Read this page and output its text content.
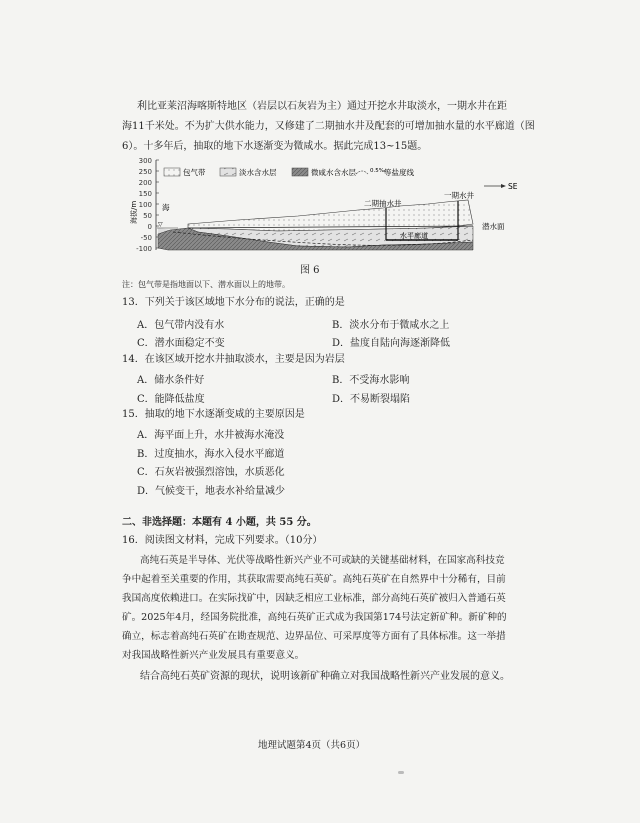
利比亚莱沼海喀斯特地区（岩层以石灰岩为主）通过开挖水井取淡水，一期水井在距
海11千米处。不为扩大供水能力，又修建了二期抽水井及配套的可增加抽水量的水平廊道（图
6）。十多年后，抽取的地下水逐渐变为微咸水。据此完成13~15题。
300
250
200
150
100
50
0
-50
-100
海拔/m
包气带	淡水含水层	微咸水含水层	0.5‰
等盐度线
SE
海
▽
二期抽水井
一期水井
水平廊道
潜水面
图 6
注：包气带是指地面以下、潜水面以上的地带。
13．下列关于该区域地下水分布的说法，正确的是
A．包气带内没有水	B．淡水分布于微咸水之上
C．潜水面稳定不变	D．盐度自陆向海逐渐降低
14．在该区域开挖水井抽取淡水，主要是因为岩层
A．储水条件好	B．不受海水影响
C．能降低盐度	D．不易断裂塌陷
15．抽取的地下水逐渐变咸的主要原因是
A．海平面上升，水井被海水淹没
B．过度抽水，海水入侵水平廊道
C．石灰岩被强烈溶蚀，水质恶化
D．气候变干，地表水补给量减少
二、非选择题：本题有 4 小题，共 55 分。
16．阅读图文材料，完成下列要求。（10分）

高纯石英是半导体、光伏等战略性新兴产业不可或缺的关键基础材料，在国家高科技竞

争中起着至关重要的作用，其获取需要高纯石英矿。高纯石英矿在自然界中十分稀有，目前

我国高度依赖进口。在实际找矿中，因缺乏相应工业标准，部分高纯石英矿被归入普通石英

矿。2025年4月，经国务院批准，高纯石英矿正式成为我国第174号法定新矿种。新矿种的

确立，标志着高纯石英矿在勘查规范、边界品位、可采厚度等方面有了具体标准。这一举措

对我国战略性新兴产业发展具有重要意义。

结合高纯石英矿资源的现状，说明该新矿种确立对我国战略性新兴产业发展的意义。
地理试题第4页（共6页）
